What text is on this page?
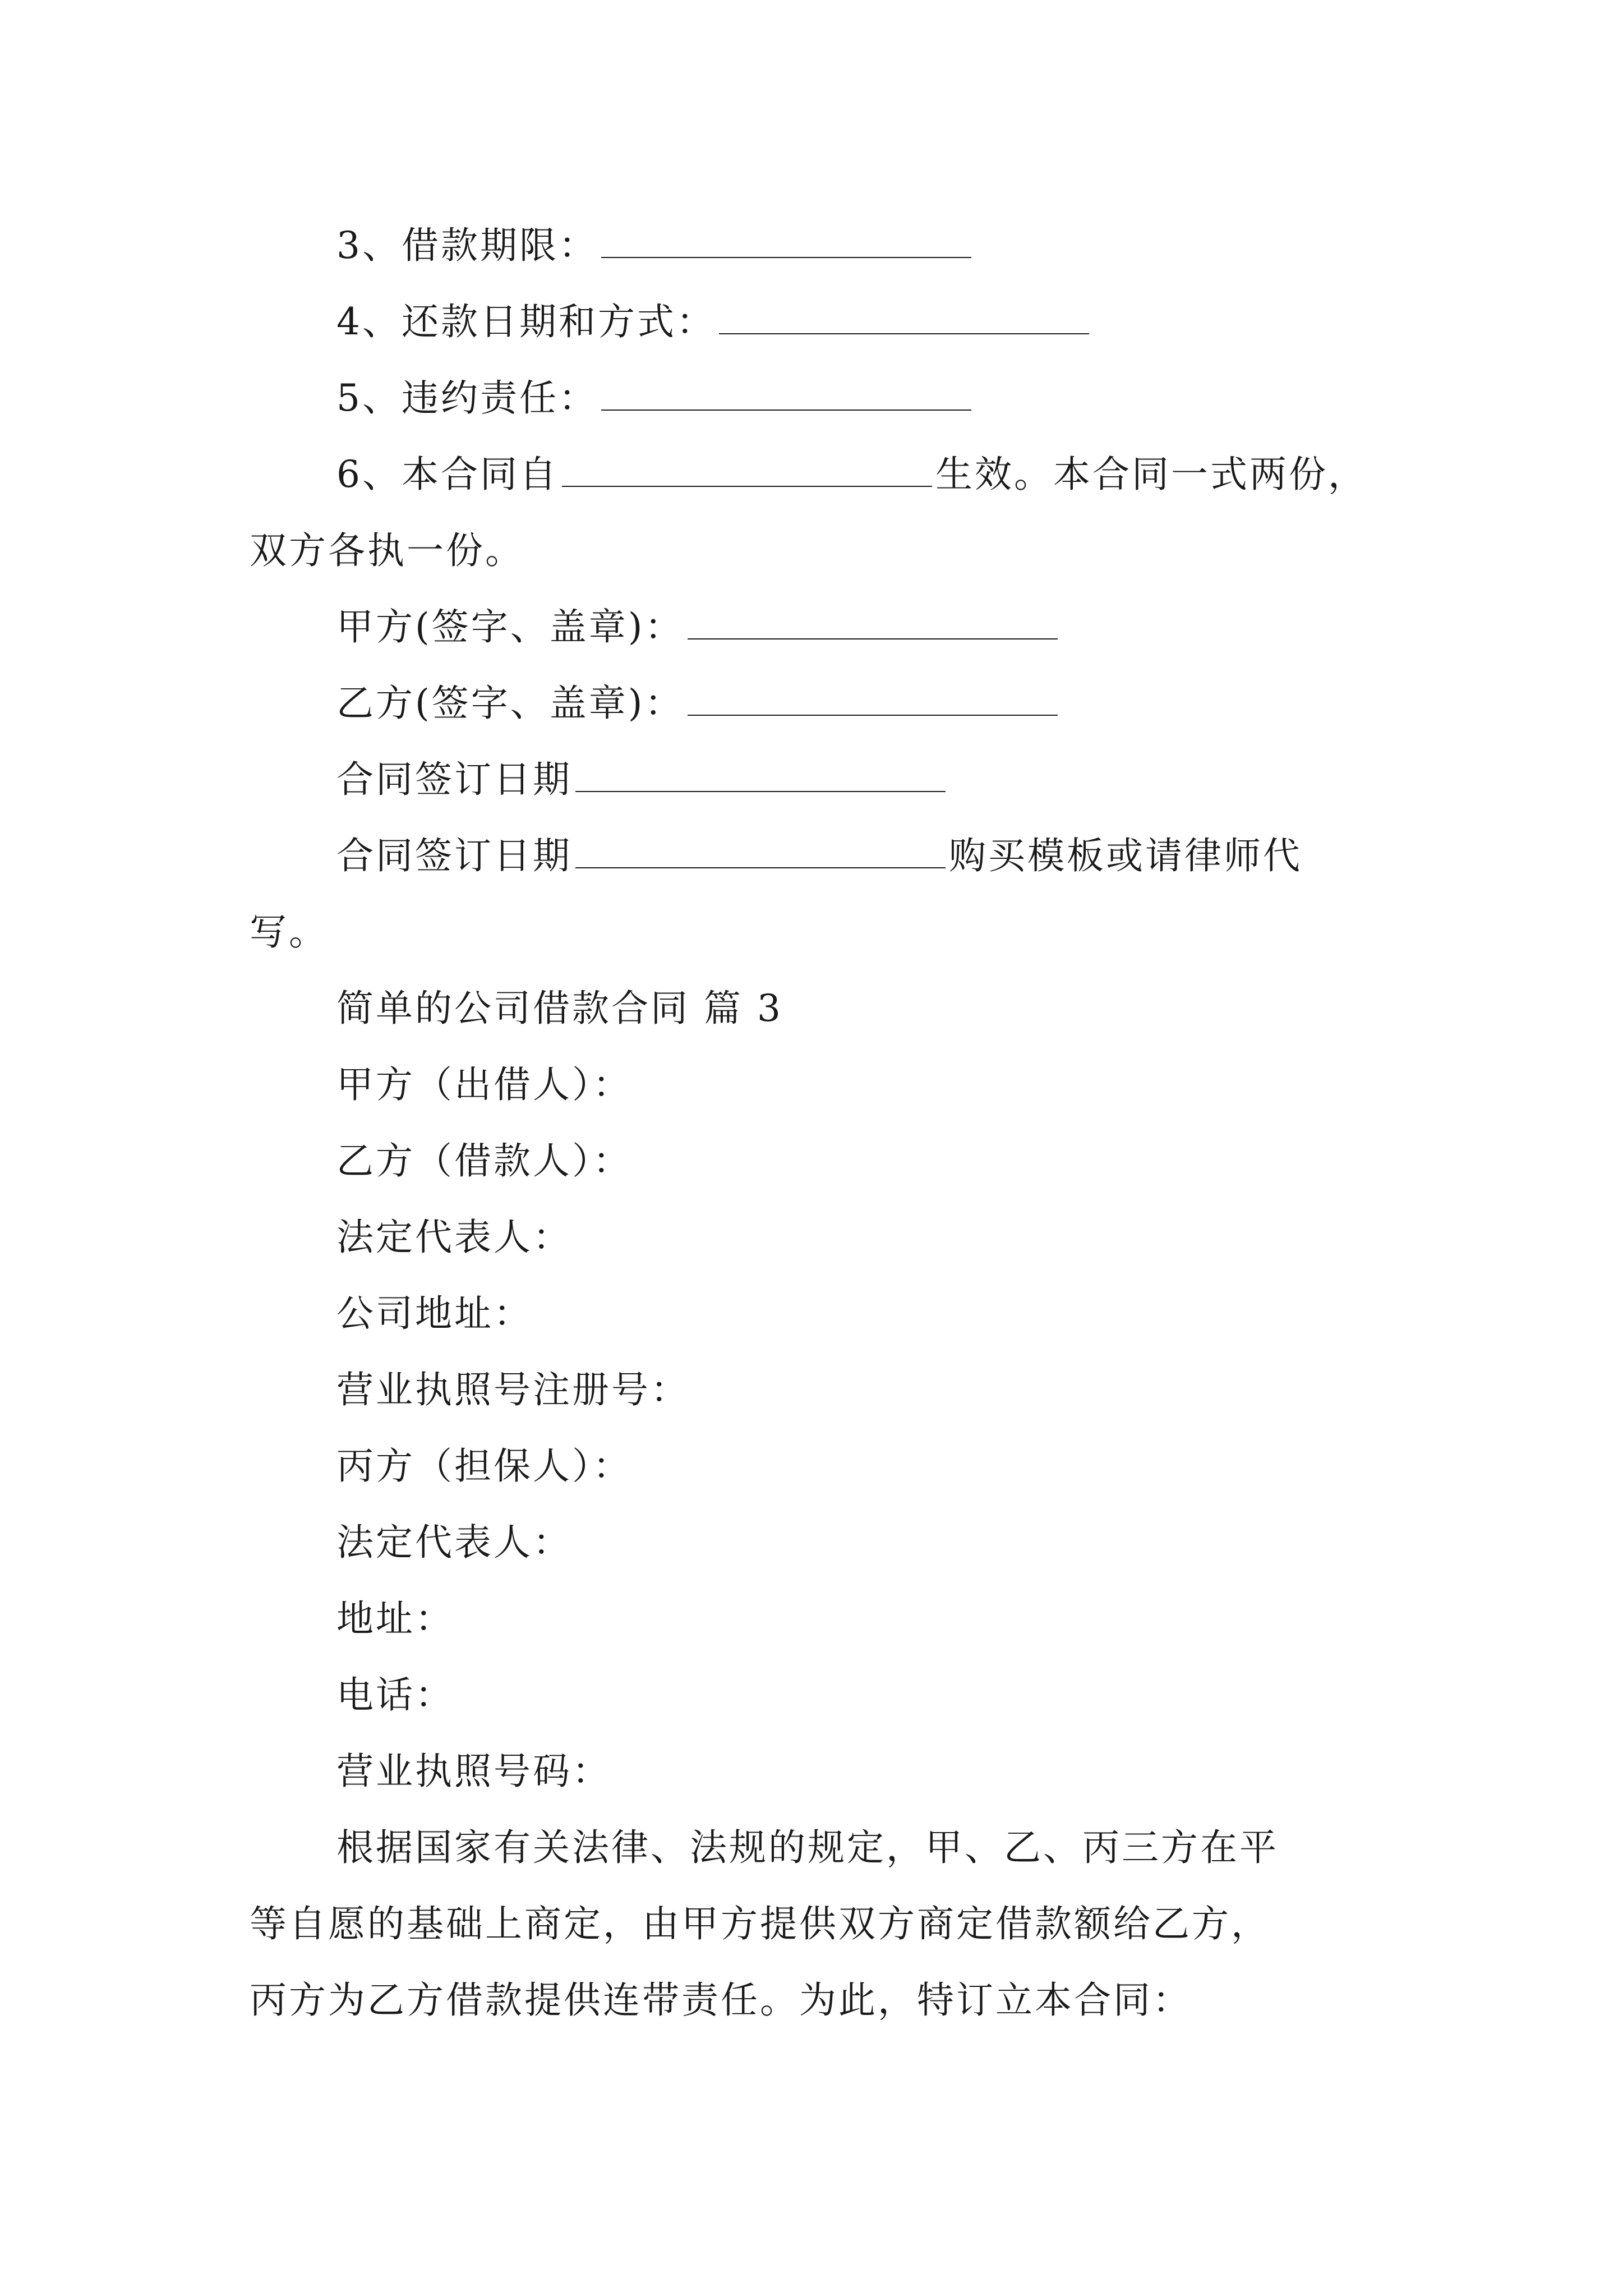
3、借款期限：
4、还款日期和方式：
5、违约责任：
6、本合同自	生效。本合同一式两份，
双方各执一份。
甲方(签字、盖章)：
乙方(签字、盖章)：
合同签订日期
合同签订日期	购买模板或请律师代
写。
简单的公司借款合同 篇 3
甲方（出借人）：
乙方（借款人）：
法定代表人：
公司地址：
营业执照号注册号：
丙方（担保人）：
法定代表人：
地址：
电话：
营业执照号码：
根据国家有关法律、法规的规定，甲、乙、丙三方在平
等自愿的基础上商定，由甲方提供双方商定借款额给乙方，
丙方为乙方借款提供连带责任。为此，特订立本合同：
